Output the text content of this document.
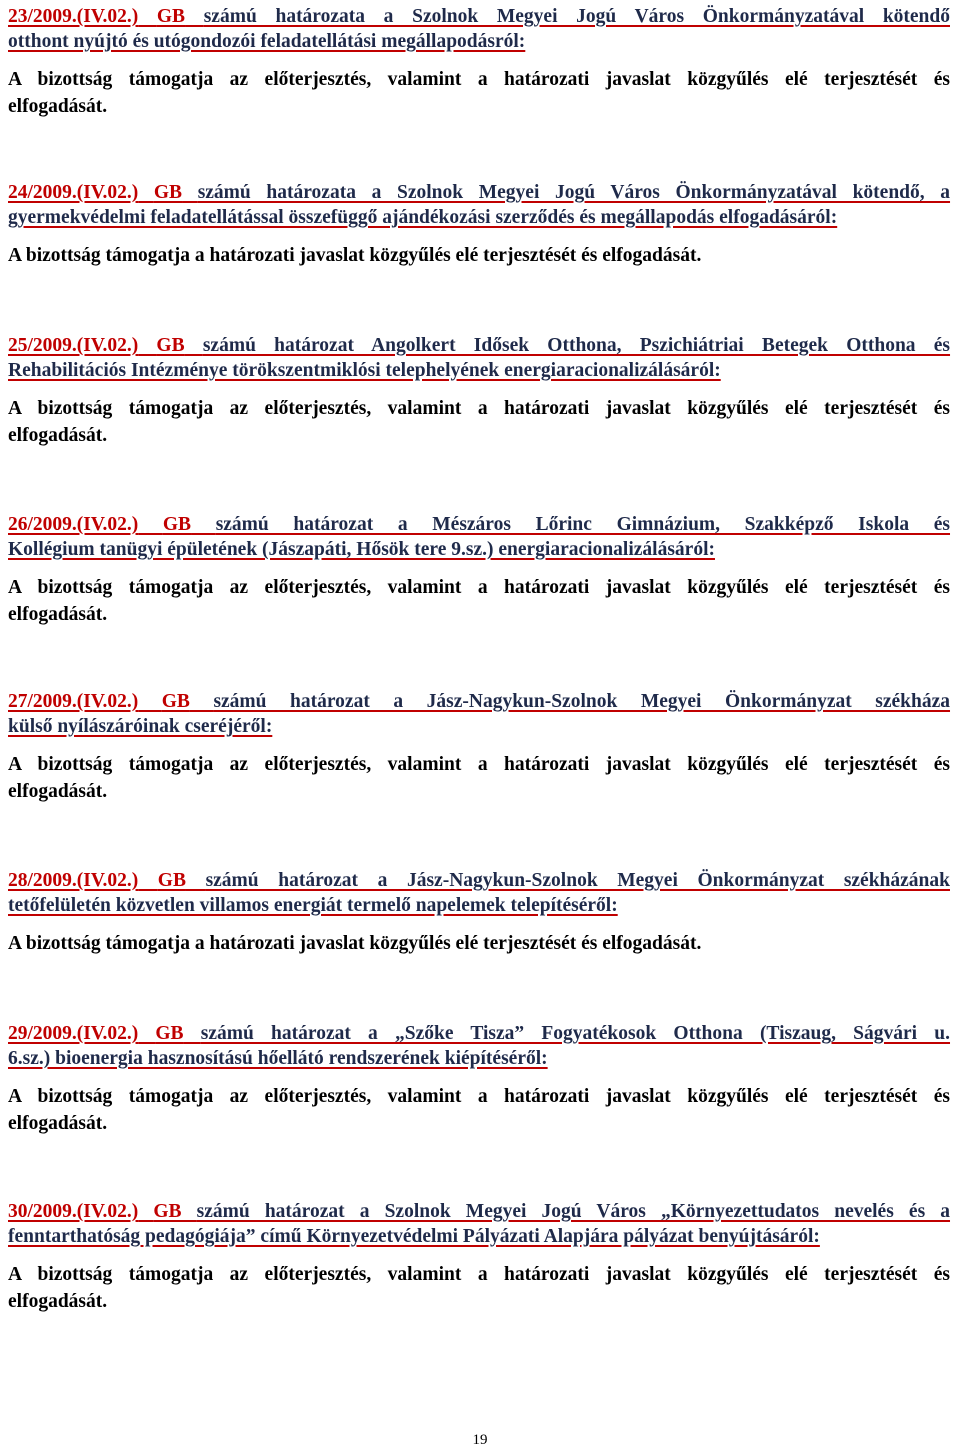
23/2009.(IV.02.) GB számú határozata a Szolnok Megyei Jogú Város Önkormányzatával kötendő
otthont nyújtó és utógondozói feladatellátási megállapodásról:
A bizottság támogatja az előterjesztés, valamint a határozati javaslat közgyűlés elé terjesztését és
elfogadását.
24/2009.(IV.02.) GB számú határozata a Szolnok Megyei Jogú Város Önkormányzatával kötendő, a
gyermekvédelmi feladatellátással összefüggő ajándékozási szerződés és megállapodás elfogadásáról:
A bizottság támogatja a határozati javaslat közgyűlés elé terjesztését és elfogadását.
25/2009.(IV.02.) GB számú határozat Angolkert Idősek Otthona, Pszichiátriai Betegek Otthona és
Rehabilitációs Intézménye törökszentmiklósi telephelyének energiaracionalizálásáról:
A bizottság támogatja az előterjesztés, valamint a határozati javaslat közgyűlés elé terjesztését és
elfogadását.
26/2009.(IV.02.) GB számú határozat a Mészáros Lőrinc Gimnázium, Szakképző Iskola és
Kollégium tanügyi épületének (Jászapáti, Hősök tere 9.sz.) energiaracionalizálásáról:
A bizottság támogatja az előterjesztés, valamint a határozati javaslat közgyűlés elé terjesztését és
elfogadását.
27/2009.(IV.02.) GB számú határozat a Jász-Nagykun-Szolnok Megyei Önkormányzat székháza
külső nyílászáróinak cseréjéről:
A bizottság támogatja az előterjesztés, valamint a határozati javaslat közgyűlés elé terjesztését és
elfogadását.
28/2009.(IV.02.) GB számú határozat a Jász-Nagykun-Szolnok Megyei Önkormányzat székházának
tetőfelületén közvetlen villamos energiát termelő napelemek telepítéséről:
A bizottság támogatja a határozati javaslat közgyűlés elé terjesztését és elfogadását.
29/2009.(IV.02.) GB számú határozat a „Szőke Tisza” Fogyatékosok Otthona (Tiszaug, Ságvári u.
6.sz.) bioenergia hasznosítású hőellátó rendszerének kiépítéséről:
A bizottság támogatja az előterjesztés, valamint a határozati javaslat közgyűlés elé terjesztését és
elfogadását.
30/2009.(IV.02.) GB számú határozat a Szolnok Megyei Jogú Város „Környezettudatos nevelés és a
fenntarthatóság pedagógiája” című Környezetvédelmi Pályázati Alapjára pályázat benyújtásáról:
A bizottság támogatja az előterjesztés, valamint a határozati javaslat közgyűlés elé terjesztését és
elfogadását.
19
